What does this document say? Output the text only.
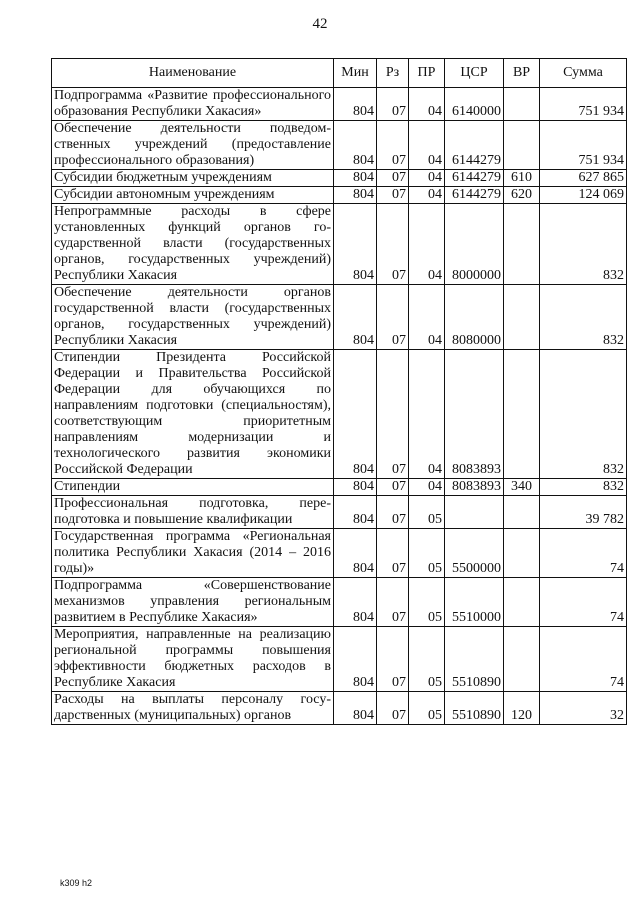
42
Наименование	Мин	Рз	ПР	ЦСР	ВР	Сумма
Подпрограмма «Развитие профессионального образования Республики Хакасия»	804	07	04	6140000		751 934
Обеспечение деятельности подведомственных учреждений (предоставление профессионального образования)	804	07	04	6144279		751 934
Субсидии бюджетным учреждениям	804	07	04	6144279	610	627 865
Субсидии автономным учреждениям	804	07	04	6144279	620	124 069
Непрограммные расходы в сфере установленных функций органов государственной власти (государственных органов, государственных учреждений) Республики Хакасия	804	07	04	8000000		832
Обеспечение деятельности органов государственной власти (государственных органов, государственных учреждений) Республики Хакасия	804	07	04	8080000		832
Стипендии Президента Российской Федерации и Правительства Российской Федерации для обучающихся по направлениям подготовки (специальностям), соответствующим приоритетным направлениям модернизации и технологического развития экономики Российской Федерации	804	07	04	8083893		832
Стипендии	804	07	04	8083893	340	832
Профессиональная подготовка, переподготовка и повышение квалификации	804	07	05			39 782
Государственная программа «Региональная политика Республики Хакасия (2014 – 2016 годы)»	804	07	05	5500000		74
Подпрограмма «Совершенствование механизмов управления региональным развитием в Республике Хакасия»	804	07	05	5510000		74
Мероприятия, направленные на реализацию региональной программы повышения эффективности бюджетных расходов в Республике Хакасия	804	07	05	5510890		74
Расходы на выплаты персоналу государственных (муниципальных) органов	804	07	05	5510890	120	32
k309 h2
